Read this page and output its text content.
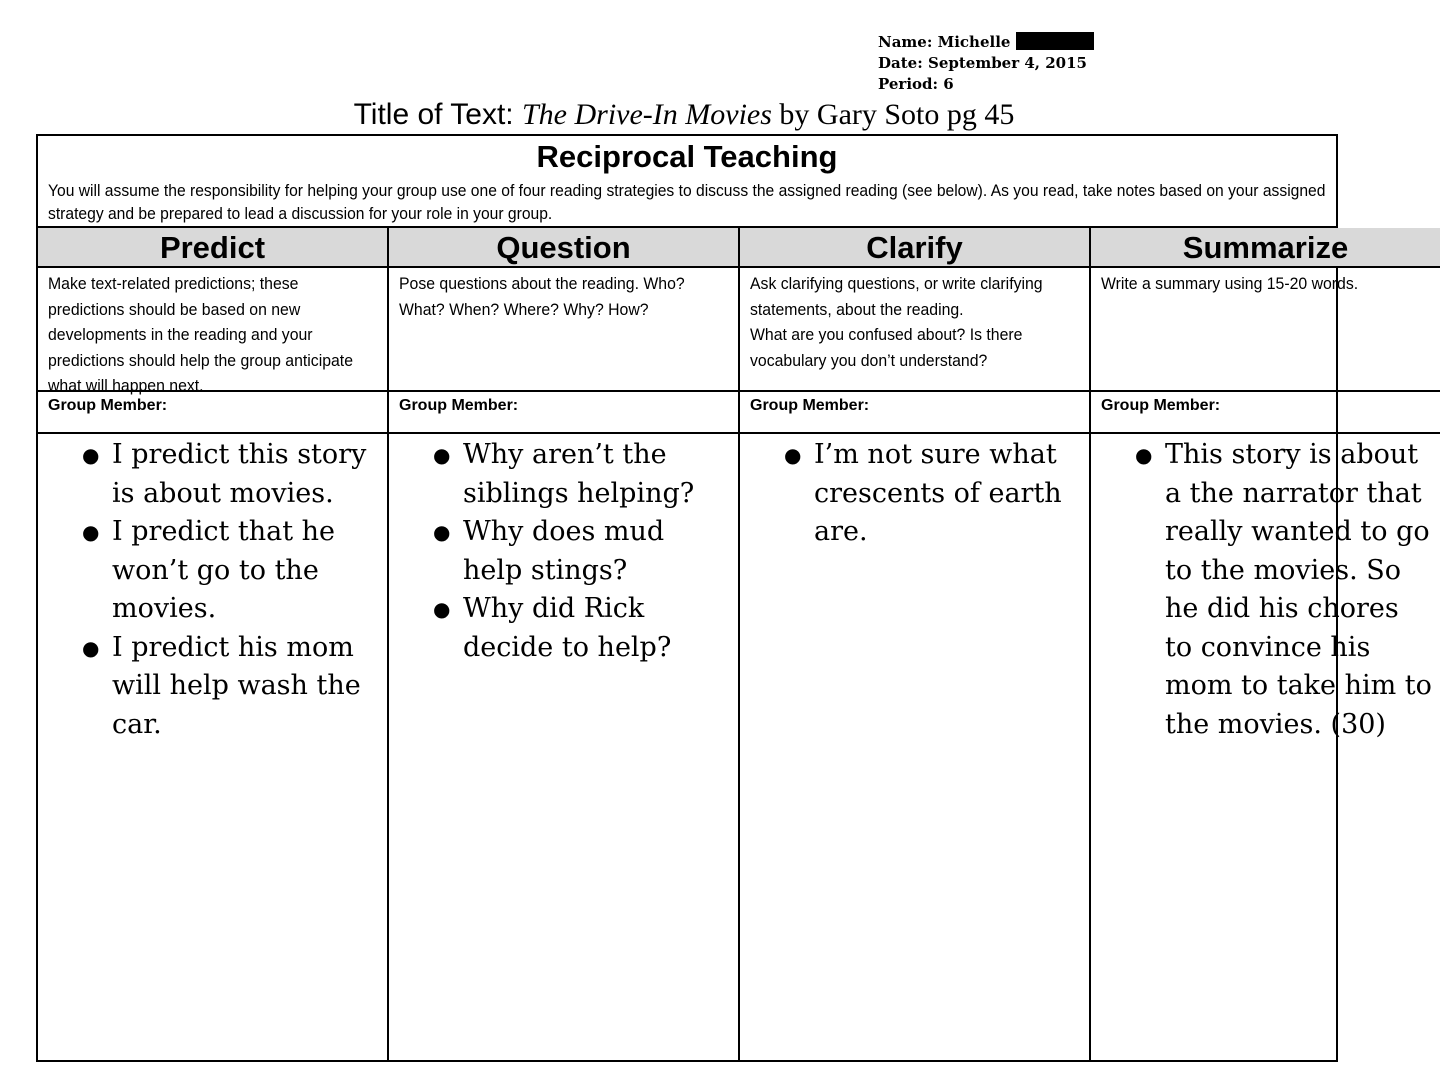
Name: Michelle
Date: September 4, 2015
Period: 6
Title of Text: The Drive-In Movies by Gary Soto pg 45
Reciprocal Teaching

You will assume the responsibility for helping your group use one of four reading strategies to discuss the assigned reading (see below). As you read, take notes based on your assigned strategy and be prepared to lead a discussion for your role in your group.

Predict
Make text-related predictions; these predictions should be based on new developments in the reading and your predictions should help the group anticipate what will happen next.
Group Member:
● I predict this story is about movies.
● I predict that he won’t go to the movies.
● I predict his mom will help wash the car.
Question
Pose questions about the reading. Who? What? When? Where? Why? How?
Group Member:
● Why aren’t the siblings helping?
● Why does mud help stings?
● Why did Rick decide to help?
Clarify
Ask clarifying questions, or write clarifying statements, about the reading.
What are you confused about? Is there vocabulary you don’t understand?
Group Member:
● I’m not sure what crescents of earth are.
Summarize
Write a summary using 15-20 words.
Group Member:
● This story is about a the narrator that really wanted to go to the movies. So he did his chores to convince his mom to take him to the movies. (30)
